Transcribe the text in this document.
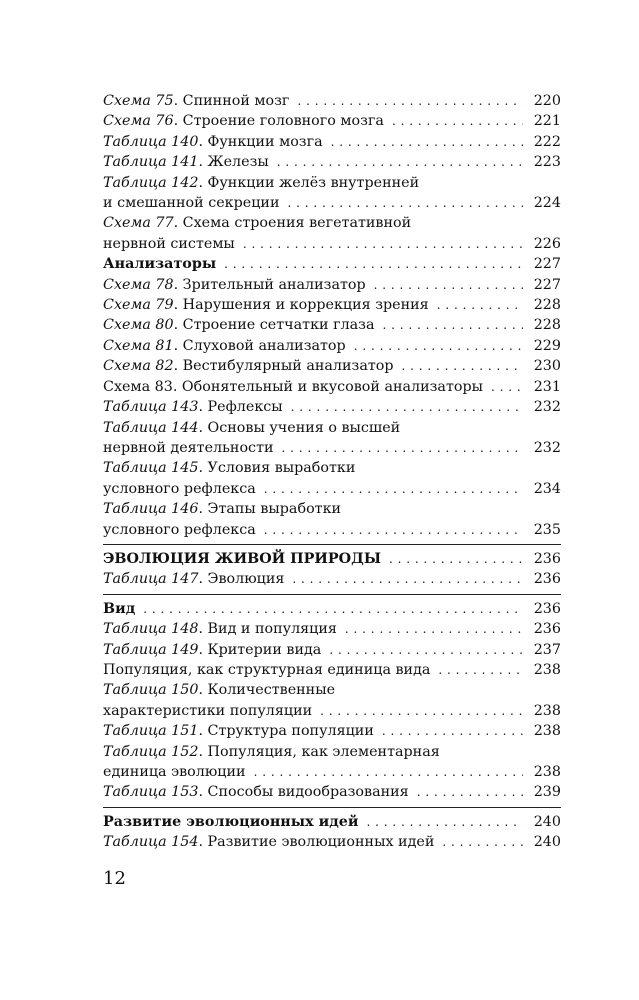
Схема 75. Спинной мозг . . .	220
Схема 76. Строение головного мозга . . .	221
Таблица 140. Функции мозга . . .	222
Таблица 141. Железы . . .	223
Таблица 142. Функции желёз внутренней
и смешанной секреции . . .	224
Схема 77. Схема строения вегетативной
нервной системы . . .	226
Анализаторы . . .	227
Схема 78. Зрительный анализатор . . .	227
Схема 79. Нарушения и коррекция зрения . . .	228
Схема 80. Строение сетчатки глаза . . .	228
Схема 81. Слуховой анализатор . . .	229
Схема 82. Вестибулярный анализатор . . .	230
Схема 83. Обонятельный и вкусовой анализаторы . . .	231
Таблица 143. Рефлексы . . .	232
Таблица 144. Основы учения о высшей
нервной деятельности . . .	232
Таблица 145. Условия выработки
условного рефлекса . . .	234
Таблица 146. Этапы выработки
условного рефлекса . . .	235
ЭВОЛЮЦИЯ ЖИВОЙ ПРИРОДЫ . . .	236
Таблица 147. Эволюция . . .	236
Вид . . .	236
Таблица 148. Вид и популяция . . .	236
Таблица 149. Критерии вида . . .	237
Популяция, как структурная единица вида . . .	238
Таблица 150. Количественные
характеристики популяции . . .	238
Таблица 151. Структура популяции . . .	238
Таблица 152. Популяция, как элементарная
единица эволюции . . .	238
Таблица 153. Способы видообразования . . .	239
Развитие эволюционных идей . . .	240
Таблица 154. Развитие эволюционных идей . . .	240
12
